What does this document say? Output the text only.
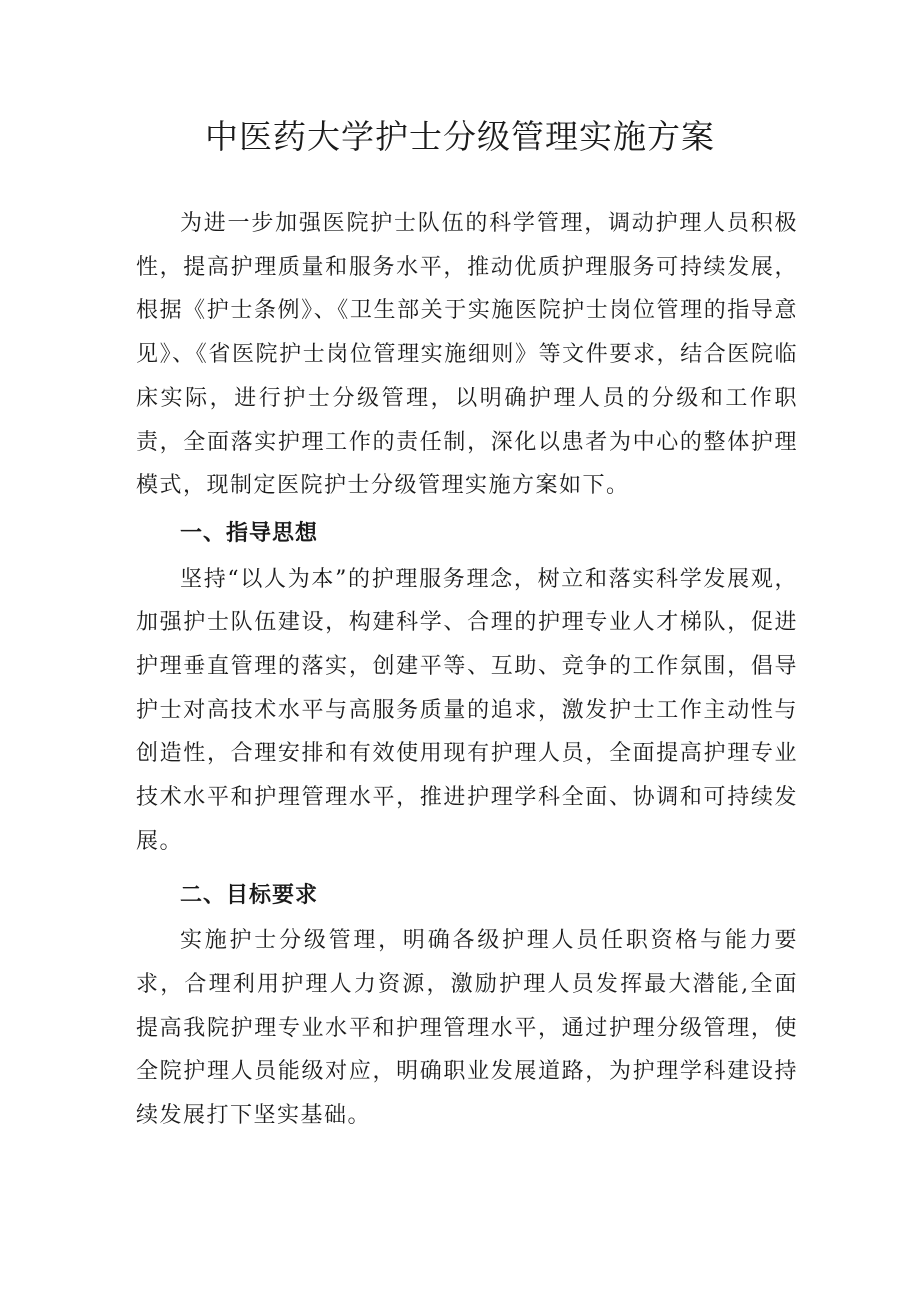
中医药大学护士分级管理实施方案

为进一步加强医院护士队伍的科学管理，调动护理人员积极性，提高护理质量和服务水平，推动优质护理服务可持续发展，根据《护士条例》、《卫生部关于实施医院护士岗位管理的指导意见》、《省医院护士岗位管理实施细则》等文件要求，结合医院临床实际，进行护士分级管理，以明确护理人员的分级和工作职责，全面落实护理工作的责任制，深化以患者为中心的整体护理模式，现制定医院护士分级管理实施方案如下。

一、指导思想

坚持“以人为本”的护理服务理念，树立和落实科学发展观，加强护士队伍建设，构建科学、合理的护理专业人才梯队，促进护理垂直管理的落实，创建平等、互助、竞争的工作氛围，倡导护士对高技术水平与高服务质量的追求，激发护士工作主动性与创造性，合理安排和有效使用现有护理人员，全面提高护理专业技术水平和护理管理水平，推进护理学科全面、协调和可持续发展。

二、目标要求

实施护士分级管理，明确各级护理人员任职资格与能力要求，合理利用护理人力资源，激励护理人员发挥最大潜能,全面提高我院护理专业水平和护理管理水平，通过护理分级管理，使全院护理人员能级对应，明确职业发展道路，为护理学科建设持续发展打下坚实基础。
